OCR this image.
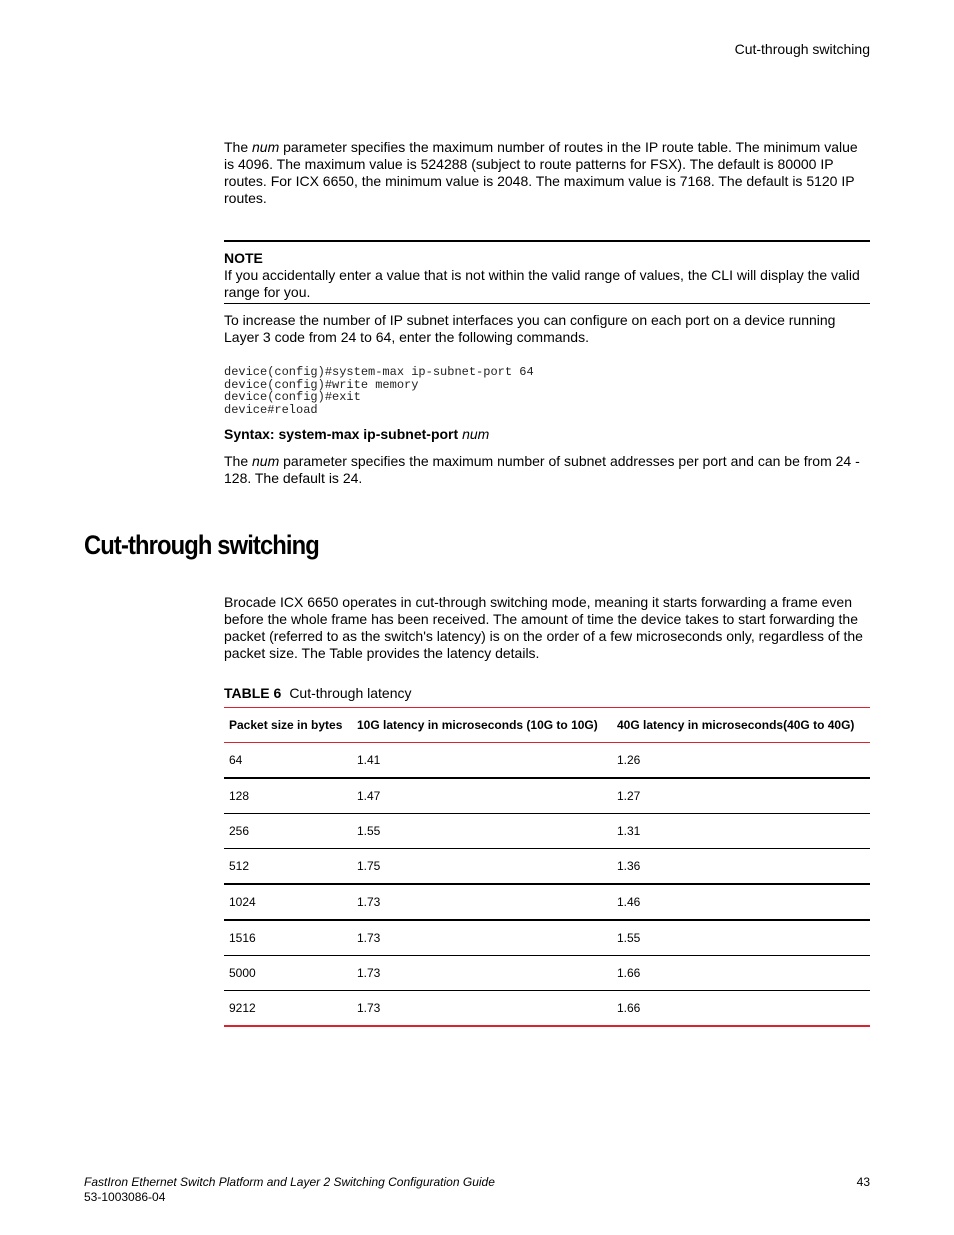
Cut-through switching

The num parameter specifies the maximum number of routes in the IP route table. The minimum value is 4096. The maximum value is 524288 (subject to route patterns for FSX). The default is 80000 IP routes. For ICX 6650, the minimum value is 2048. The maximum value is 7168. The default is 5120 IP routes.

NOTE
If you accidentally enter a value that is not within the valid range of values, the CLI will display the valid range for you.
To increase the number of IP subnet interfaces you can configure on each port on a device running Layer 3 code from 24 to 64, enter the following commands.
device(config)#system-max ip-subnet-port 64
device(config)#write memory
device(config)#exit
device#reload
Syntax: system-max ip-subnet-port num

The num parameter specifies the maximum number of subnet addresses per port and can be from 24 - 128. The default is 24.

Cut-through switching
Brocade ICX 6650 operates in cut-through switching mode, meaning it starts forwarding a frame even before the whole frame has been received. The amount of time the device takes to start forwarding the packet (referred to as the switch's latency) is on the order of a few microseconds only, regardless of the packet size. The Table provides the latency details.
TABLE 6 Cut-through latency
Packet size in bytes	10G latency in microseconds (10G to 10G)	40G latency in microseconds(40G to 40G)
64	1.41	1.26
128	1.47	1.27
256	1.55	1.31
512	1.75	1.36
1024	1.73	1.46
1516	1.73	1.55
5000	1.73	1.66
9212	1.73	1.66
FastIron Ethernet Switch Platform and Layer 2 Switching Configuration Guide
53-1003086-04
43
